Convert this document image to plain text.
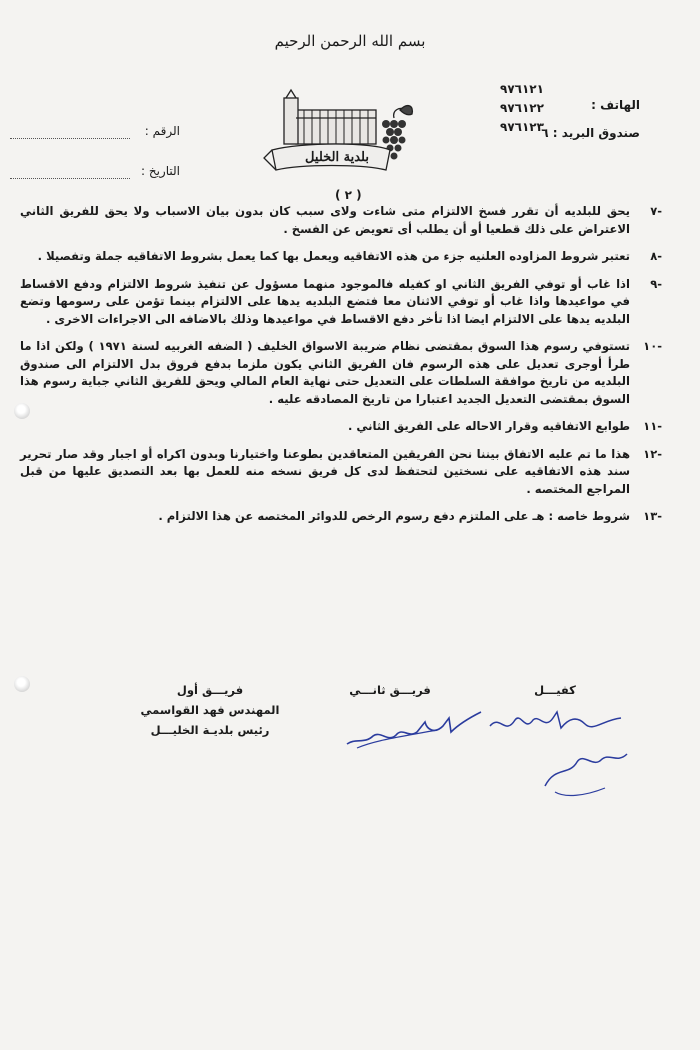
بسم الله الرحمن الرحيم
بلدية الخليل
الهاتف :
٩٧٦١٢١
٩٧٦١٢٢
٩٧٦١٢٣
صندوق البريد : ٦
الرقم :
التاريخ :
( ٢ )
-٧

يحق للبلديه أن تقرر فسخ الالتزام متى شاءت ولاى سبب كان بدون بيان الاسباب ولا يحق للفريق الثاني الاعتراض على ذلك قطعيا أو أن يطلب أى تعويض عن الفسخ .

-٨

تعتبر شروط المزاوده العلنيه جزء من هذه الاتفاقيه ويعمل بها كما يعمل بشروط الاتفاقيه جملة وتفصيلا .

-٩

اذا غاب أو توفي الفريق الثاني او كفيله فالموجود منهما مسؤول عن تنفيذ شروط الالتزام ودفع الاقساط في مواعيدها واذا غاب أو توفي الاثنان معا فتضع البلديه يدها على الالتزام بينما تؤمن على رسومها وتضع البلديه يدها على الالتزام ايضا اذا تأخر دفع الاقساط في مواعيدها وذلك بالاضافه الى الاجراءات الاخرى .

-١٠

تستوفي رسوم هذا السوق بمقتضى نظام ضريبة الاسواق الخليف ( الضفه الغربيه لسنة ١٩٧١ ) ولكن اذا ما طرأ أوجرى تعديل على هذه الرسوم فان الفريق الثاني يكون ملزما بدفع فروق بدل الالتزام الى صندوق البلديه من تاريخ موافقة السلطات على التعديل حتى نهاية العام المالي ويحق للفريق الثاني جباية رسوم هذا السوق بمقتضى التعديل الجديد اعتبارا من تاريخ المصادقه عليه .

-١١

طوابع الاتفاقيه وقرار الاحاله على الفريق الثاني .

-١٢

هذا ما تم عليه الاتفاق بيننا نحن الفريقين المتعاقدين بطوعنا واختيارنا وبدون اكراه أو اجبار وقد صار تحرير سند هذه الاتفاقيه على نسختين لتحتفظ لدى كل فريق نسخه منه للعمل بها بعد التصديق عليها من قبل المراجع المختصه .

-١٣

شروط خاصه : هـ على الملتزم دفع رسوم الرخص للدوائر المختصه عن هذا الالتزام .

فريـــق أول
المهندس فهد القواسمي
رئيس بلديـة الخليـــل
فريـــق ثانـــي	كفيـــل
